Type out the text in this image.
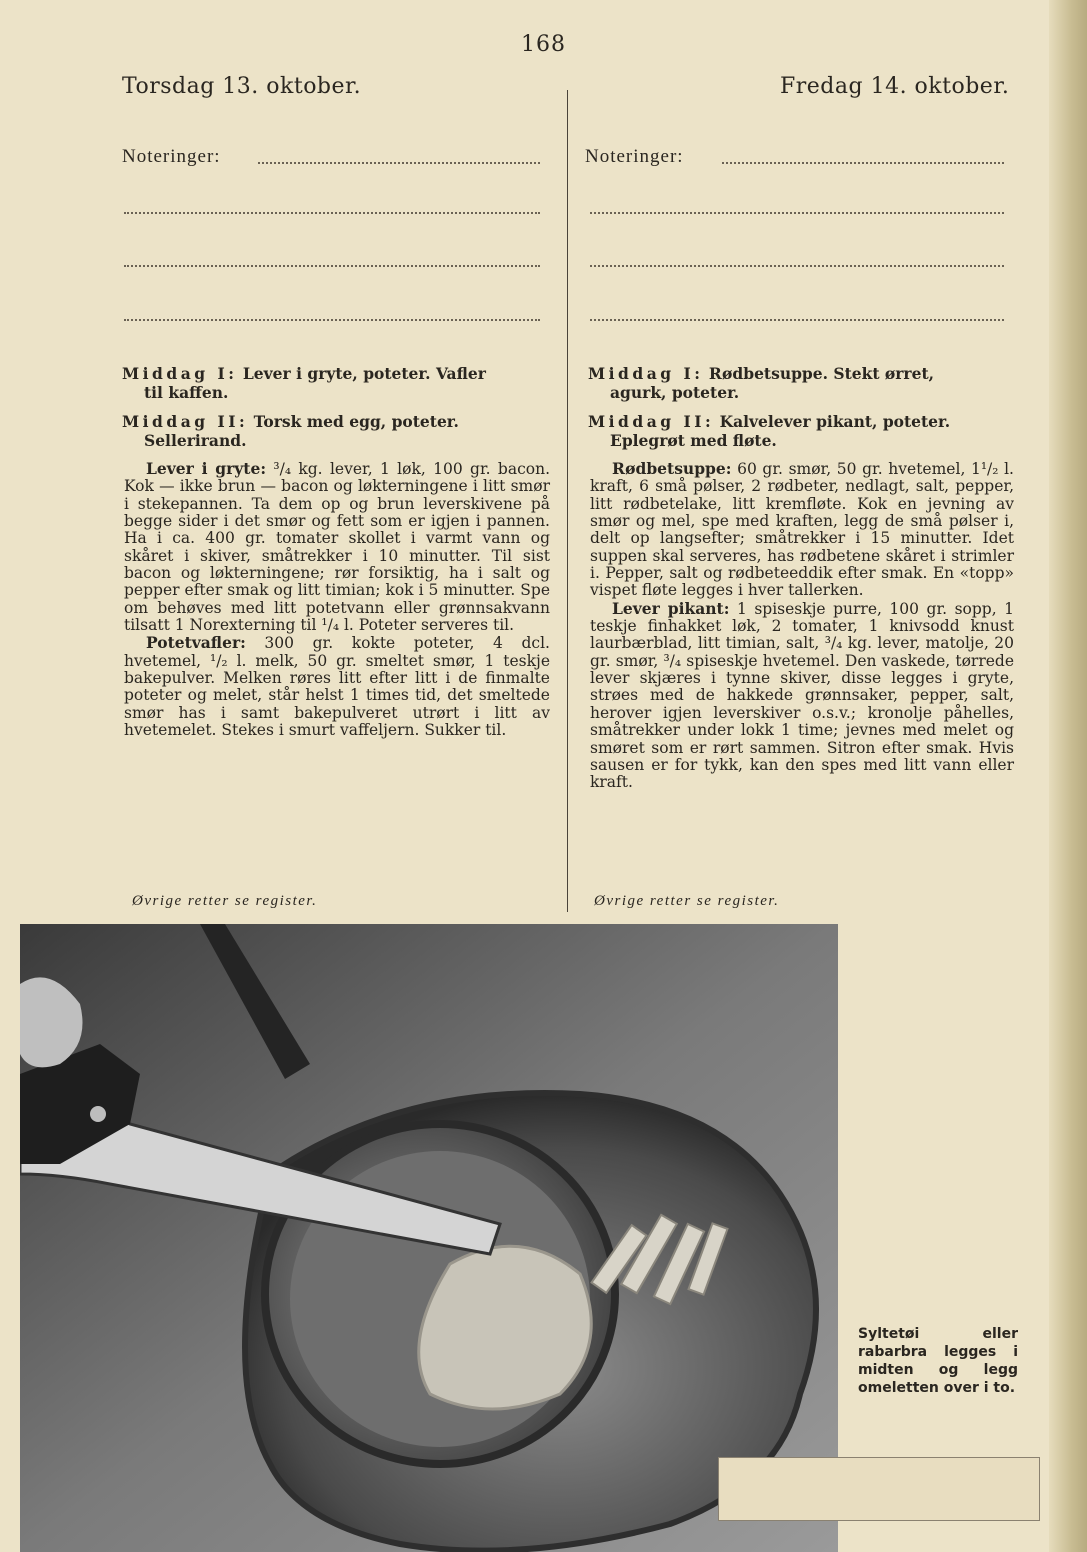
168
Torsdag 13. oktober.	Fredag 14. oktober.
Noteringer:	Noteringer:
Middag I: Lever i gryte, poteter. Vafler
til kaffen.
Middag II: Torsk med egg, poteter.
Sellerirand.
Lever i gryte: ³/₄ kg. lever, 1 løk, 100 gr. bacon. Kok — ikke brun — bacon og løkterningene i litt smør i stekepannen. Ta dem op og brun leverskivene på begge sider i det smør og fett som er igjen i pannen. Ha i ca. 400 gr. tomater skollet i varmt vann og skåret i skiver, småtrekker i 10 minutter. Til sist bacon og løkterningene; rør forsiktig, ha i salt og pepper efter smak og litt timian; kok i 5 minutter. Spe om behøves med litt potetvann eller grønnsakvann tilsatt 1 Norexterning til ¹/₄ l. Poteter serveres til.
Potetvafler: 300 gr. kokte poteter, 4 dcl. hvetemel, ¹/₂ l. melk, 50 gr. smeltet smør, 1 teskje bakepulver. Melken røres litt efter litt i de finmalte poteter og melet, står helst 1 times tid, det smeltede smør has i samt bakepulveret utrørt i litt av hvetemelet. Stekes i smurt vaffeljern. Sukker til.
Øvrige retter se register.
Middag I: Rødbetsuppe. Stekt ørret,
agurk, poteter.
Middag II: Kalvelever pikant, poteter.
Eplegrøt med fløte.
Rødbetsuppe: 60 gr. smør, 50 gr. hvetemel, 1¹/₂ l. kraft, 6 små pølser, 2 rødbeter, nedlagt, salt, pepper, litt rødbetelake, litt kremfløte. Kok en jevning av smør og mel, spe med kraften, legg de små pølser i, delt op langsefter; småtrekker i 15 minutter. Idet suppen skal serveres, has rødbetene skåret i strimler i. Pepper, salt og rødbeteeddik efter smak. En «topp» vispet fløte legges i hver tallerken.
Lever pikant: 1 spiseskje purre, 100 gr. sopp, 1 teskje finhakket løk, 2 tomater, 1 knivsodd knust laurbærblad, litt timian, salt, ³/₄ kg. lever, matolje, 20 gr. smør, ³/₄ spiseskje hvetemel. Den vaskede, tørrede lever skjæres i tynne skiver, disse legges i gryte, strøes med de hakkede grønnsaker, pepper, salt, herover igjen leverskiver o.s.v.; kronolje påhelles, småtrekker under lokk 1 time; jevnes med melet og smøret som er rørt sammen. Sitron efter smak. Hvis sausen er for tykk, kan den spes med litt vann eller kraft.
Øvrige retter se register.
Syltetøi eller rabarbra legges i midten og legg omeletten over i to.
